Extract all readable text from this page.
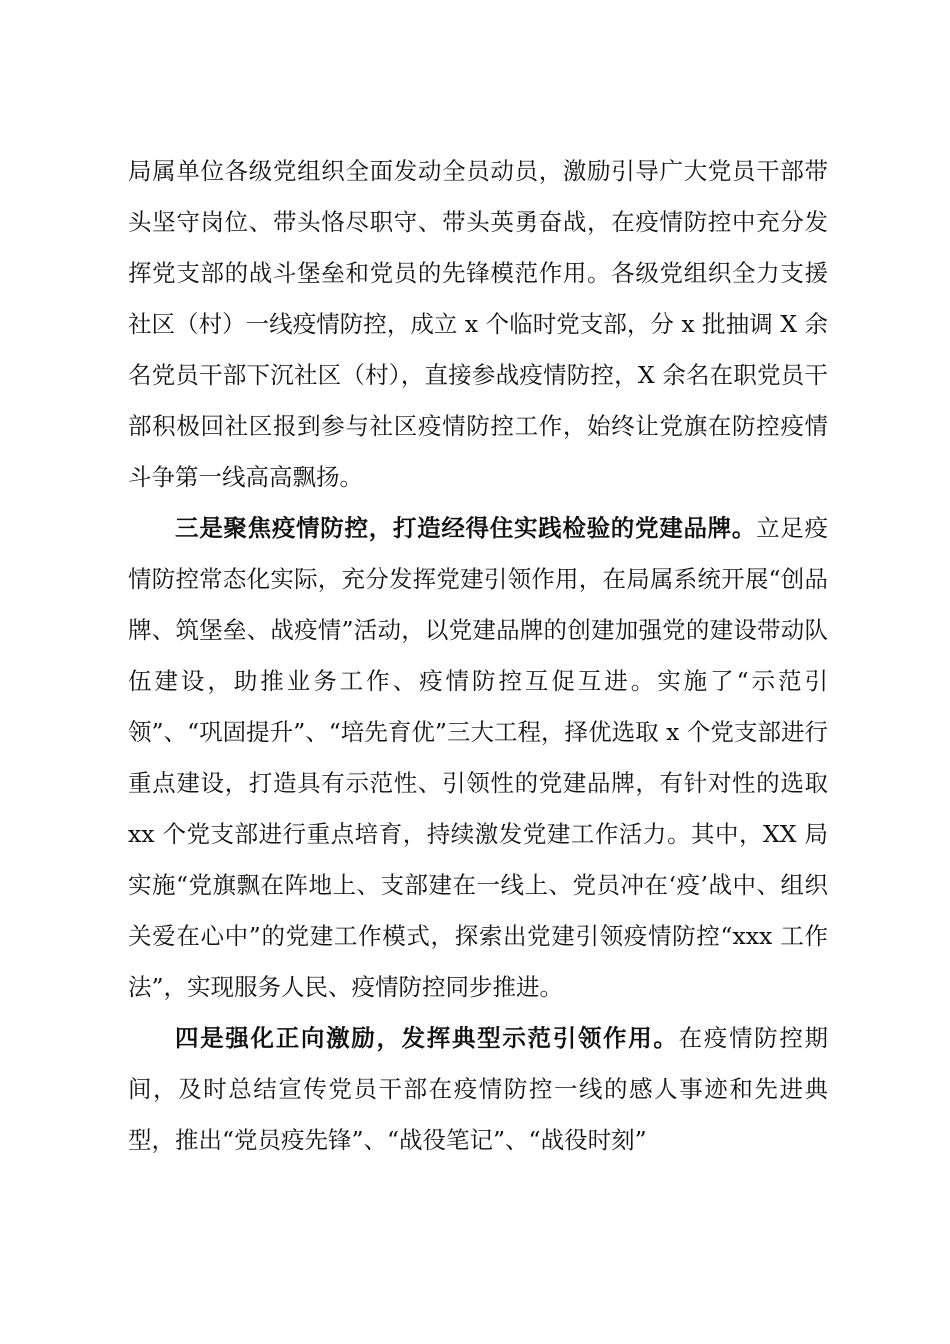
局属单位各级党组织全面发动全员动员，激励引导广大党员干部带头坚守岗位、带头恪尽职守、带头英勇奋战，在疫情防控中充分发挥党支部的战斗堡垒和党员的先锋模范作用。各级党组织全力支援社区（村）一线疫情防控，成立 x 个临时党支部，分 x 批抽调 X 余名党员干部下沉社区（村），直接参战疫情防控，X 余名在职党员干部积极回社区报到参与社区疫情防控工作，始终让党旗在防控疫情斗争第一线高高飘扬。

三是聚焦疫情防控，打造经得住实践检验的党建品牌。立足疫情防控常态化实际，充分发挥党建引领作用，在局属系统开展“创品牌、筑堡垒、战疫情”活动，以党建品牌的创建加强党的建设带动队伍建设，助推业务工作、疫情防控互促互进。实施了“示范引领”、“巩固提升”、“培先育优”三大工程，择优选取 x 个党支部进行重点建设，打造具有示范性、引领性的党建品牌，有针对性的选取 xx 个党支部进行重点培育，持续激发党建工作活力。其中，XX 局实施“党旗飘在阵地上、支部建在一线上、党员冲在‘疫’战中、组织关爱在心中”的党建工作模式，探索出党建引领疫情防控“xxx 工作法”，实现服务人民、疫情防控同步推进。

四是强化正向激励，发挥典型示范引领作用。在疫情防控期间，及时总结宣传党员干部在疫情防控一线的感人事迹和先进典型，推出“党员疫先锋”、“战役笔记”、“战役时刻”
